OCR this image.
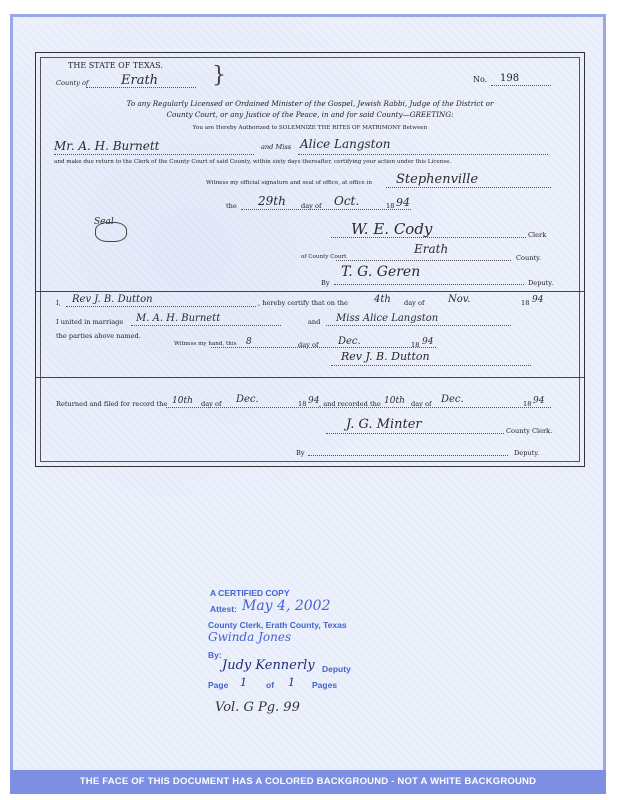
THE STATE OF TEXAS.
County of	Erath }	No. 198
To any Regularly Licensed or Ordained Minister of the Gospel, Jewish Rabbi, Judge of the District or
County Court, or any Justice of the Peace, in and for said County—GREETING:
You are Hereby Authorized to SOLEMNIZE THE RITES OF MATRIMONY Between
Mr. A. H. Burnett	and Miss Alice Langston
and make due return to the Clerk of the County Court of said County, within sixty days thereafter, certifying your action under this License.
Witness my official signature and seal of office, at office in Stephenville
the 29th day of Oct.	18 94
Seal	W. E. Cody	Clerk
of County Court
Erath
County.
By
T. G. Geren
Deputy.
I, Rev J. B. Dutton	, hereby certify that on the	4th day of Nov.	18 94
I united in marriage M. A. H. Burnett	and Miss Alice Langston
the parties above named.
Witness my hand, this 8	day of Dec.	18 94
Rev J. B. Dutton
Returned and filed for record the 10th day of Dec.	18 94 , and recorded the 10th day of Dec.	18 94
J. G. Minter	County Clerk.
By	Deputy.
A CERTIFIED COPY
Attest: May 4, 2002
County Clerk, Erath County, Texas
Gwinda Jones
By:
Judy Kennerly Deputy
Page 1 of 1 Pages
Vol. G Pg. 99
THE FACE OF THIS DOCUMENT HAS A COLORED BACKGROUND - NOT A WHITE BACKGROUND
